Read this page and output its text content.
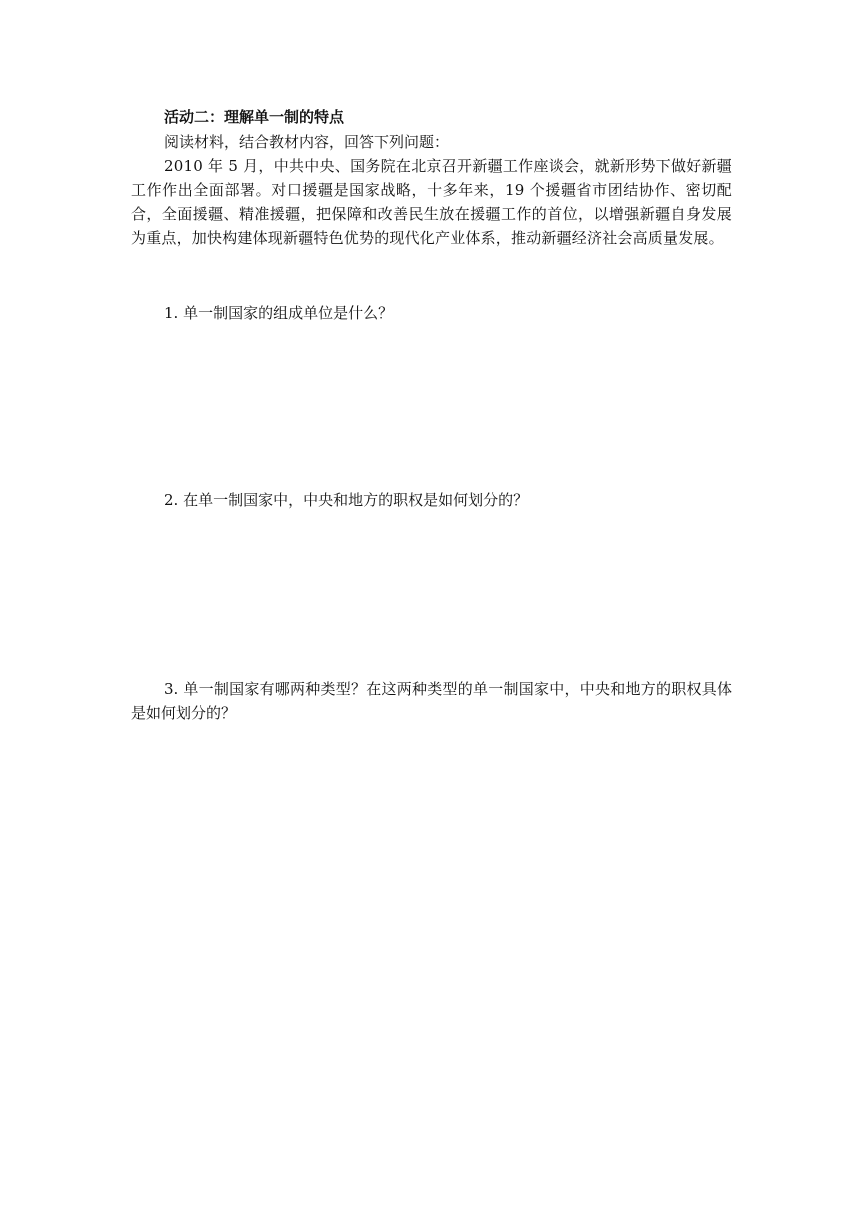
活动二：理解单一制的特点
阅读材料，结合教材内容，回答下列问题：
2010 年 5 月，中共中央、国务院在北京召开新疆工作座谈会，就新形势下做好新疆工作作出全面部署。对口援疆是国家战略，十多年来，19 个援疆省市团结协作、密切配合，全面援疆、精准援疆，把保障和改善民生放在援疆工作的首位，以增强新疆自身发展为重点，加快构建体现新疆特色优势的现代化产业体系，推动新疆经济社会高质量发展。
1. 单一制国家的组成单位是什么？
2. 在单一制国家中，中央和地方的职权是如何划分的？
3. 单一制国家有哪两种类型？在这两种类型的单一制国家中，中央和地方的职权具体是如何划分的？
